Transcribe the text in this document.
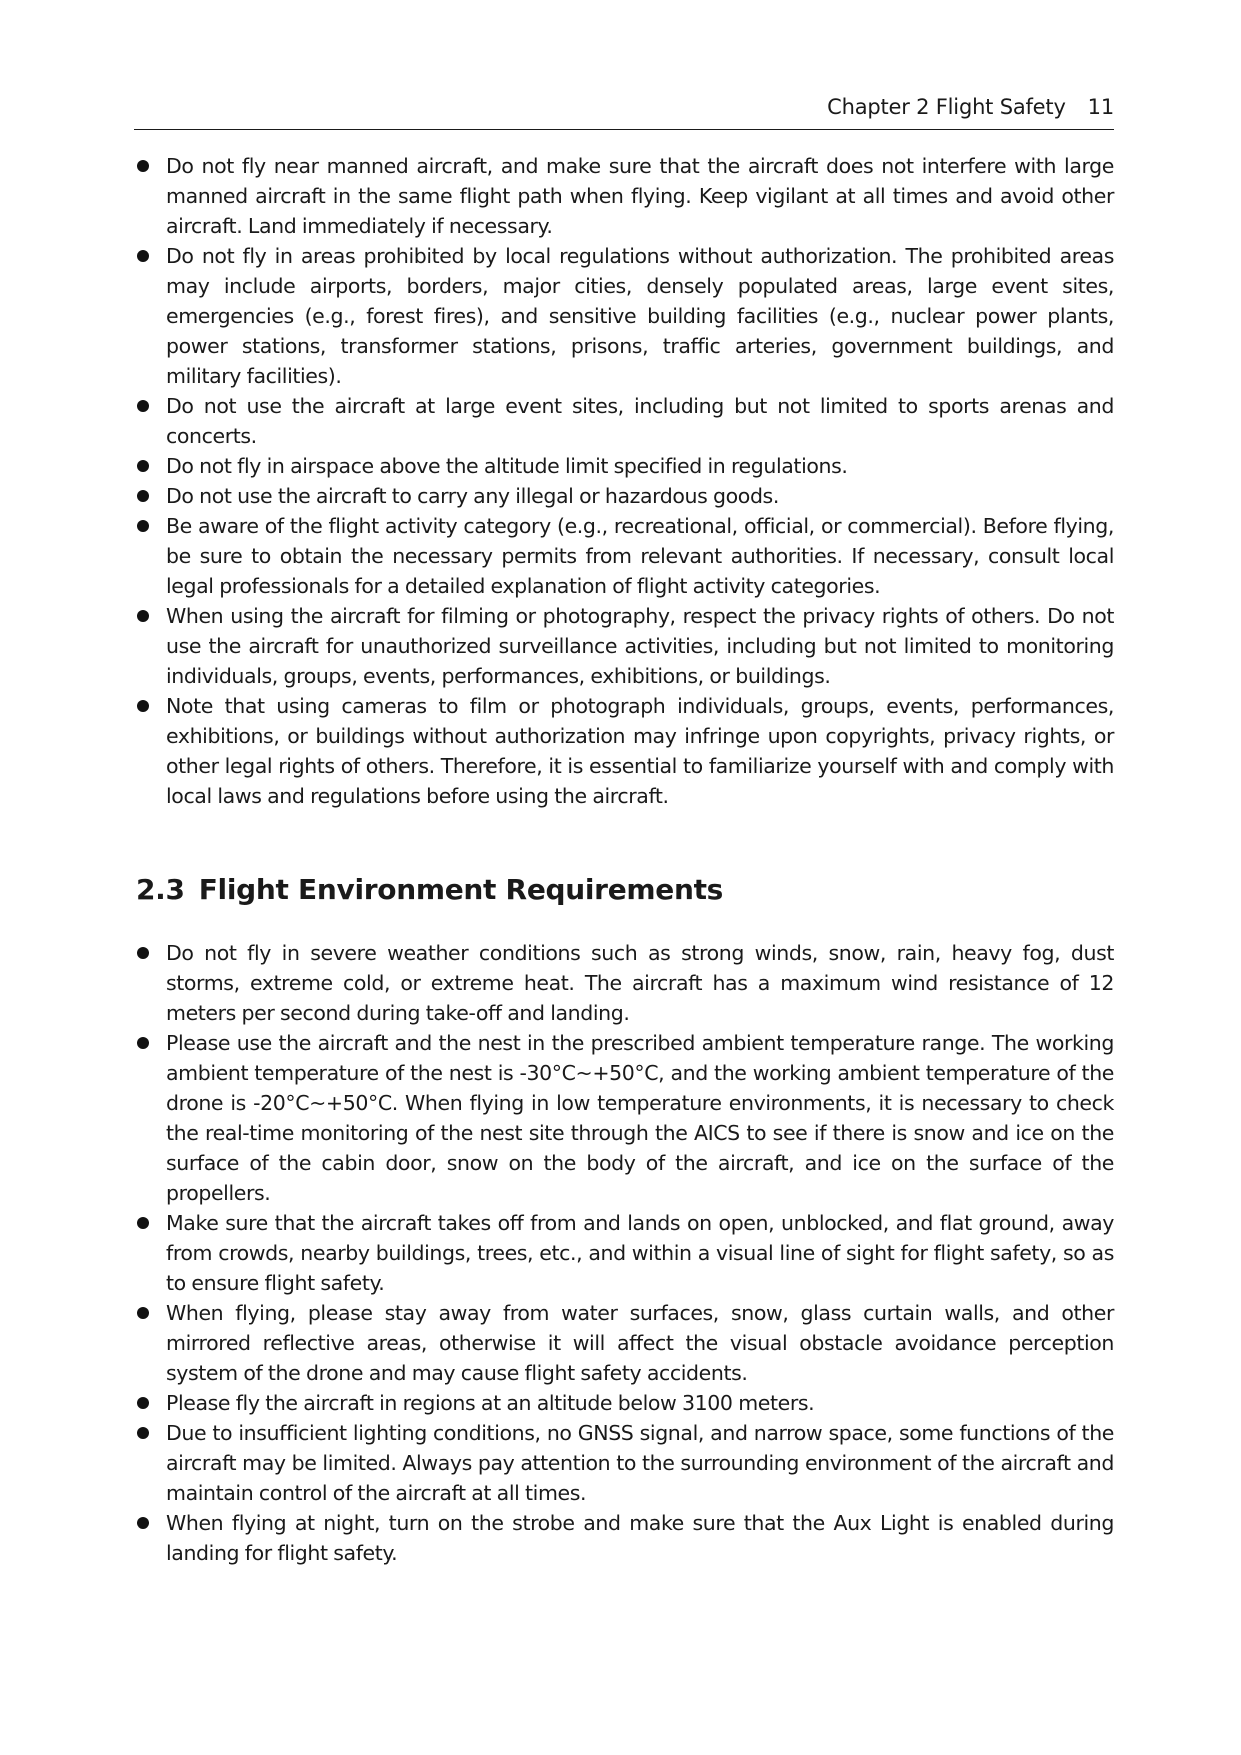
Chapter 2 Flight Safety 11
Do not fly near manned aircraft, and make sure that the aircraft does not interfere with large manned aircraft in the same flight path when flying. Keep vigilant at all times and avoid other aircraft. Land immediately if necessary.
Do not fly in areas prohibited by local regulations without authorization. The prohibited areas may include airports, borders, major cities, densely populated areas, large event sites, emergencies (e.g., forest fires), and sensitive building facilities (e.g., nuclear power plants, power stations, transformer stations, prisons, traffic arteries, government buildings, and military facilities).
Do not use the aircraft at large event sites, including but not limited to sports arenas and concerts.
Do not fly in airspace above the altitude limit specified in regulations.
Do not use the aircraft to carry any illegal or hazardous goods.
Be aware of the flight activity category (e.g., recreational, official, or commercial). Before flying, be sure to obtain the necessary permits from relevant authorities. If necessary, consult local legal professionals for a detailed explanation of flight activity categories.
When using the aircraft for filming or photography, respect the privacy rights of others. Do not use the aircraft for unauthorized surveillance activities, including but not limited to monitoring individuals, groups, events, performances, exhibitions, or buildings.
Note that using cameras to film or photograph individuals, groups, events, performances, exhibitions, or buildings without authorization may infringe upon copyrights, privacy rights, or other legal rights of others. Therefore, it is essential to familiarize yourself with and comply with local laws and regulations before using the aircraft.
2.3 Flight Environment Requirements
Do not fly in severe weather conditions such as strong winds, snow, rain, heavy fog, dust storms, extreme cold, or extreme heat. The aircraft has a maximum wind resistance of 12 meters per second during take-off and landing.
Please use the aircraft and the nest in the prescribed ambient temperature range. The working ambient temperature of the nest is -30°C~+50°C, and the working ambient temperature of the drone is -20°C~+50°C. When flying in low temperature environments, it is necessary to check the real-time monitoring of the nest site through the AICS to see if there is snow and ice on the surface of the cabin door, snow on the body of the aircraft, and ice on the surface of the propellers.
Make sure that the aircraft takes off from and lands on open, unblocked, and flat ground, away from crowds, nearby buildings, trees, etc., and within a visual line of sight for flight safety, so as to ensure flight safety.
When flying, please stay away from water surfaces, snow, glass curtain walls, and other mirrored reflective areas, otherwise it will affect the visual obstacle avoidance perception system of the drone and may cause flight safety accidents.
Please fly the aircraft in regions at an altitude below 3100 meters.
Due to insufficient lighting conditions, no GNSS signal, and narrow space, some functions of the aircraft may be limited. Always pay attention to the surrounding environment of the aircraft and maintain control of the aircraft at all times.
When flying at night, turn on the strobe and make sure that the Aux Light is enabled during landing for flight safety.
